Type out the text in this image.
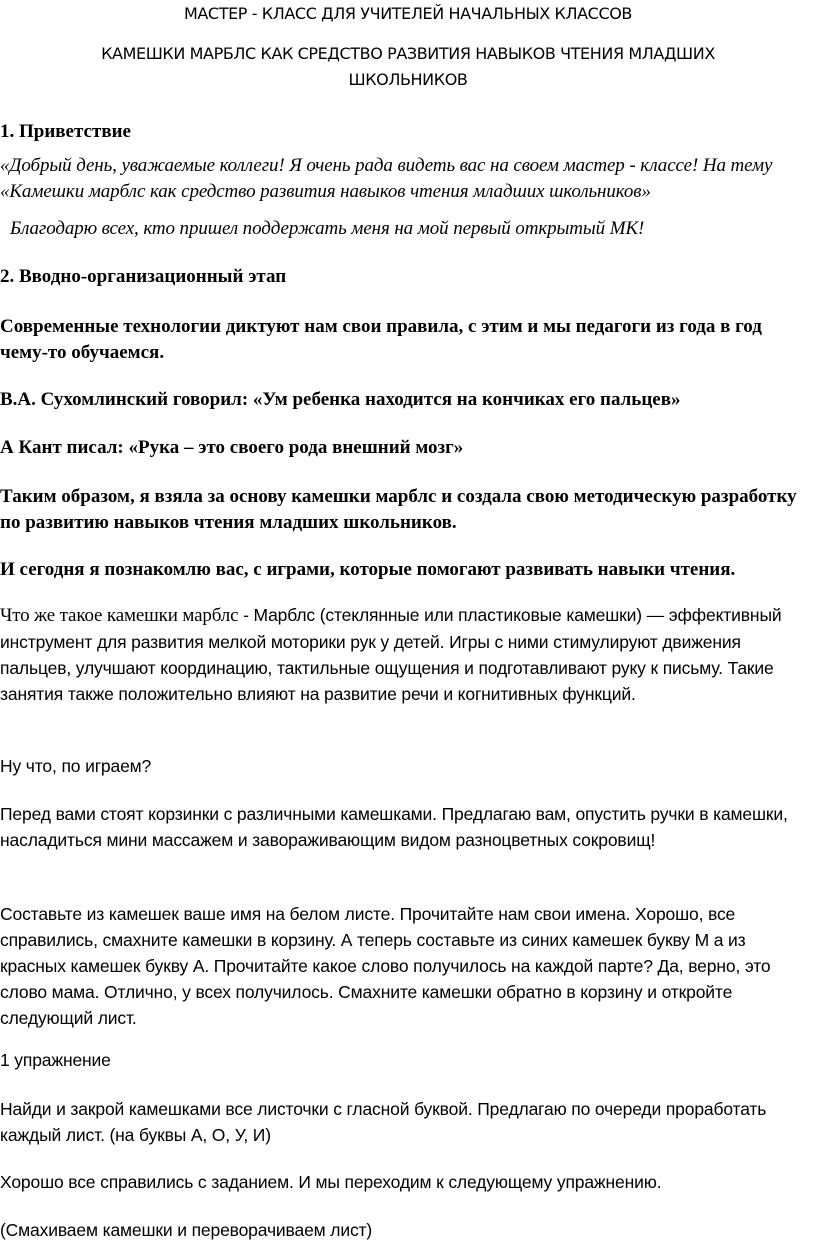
МАСТЕР - КЛАСС ДЛЯ УЧИТЕЛЕЙ НАЧАЛЬНЫХ КЛАССОВ
КАМЕШКИ МАРБЛС КАК СРЕДСТВО РАЗВИТИЯ НАВЫКОВ ЧТЕНИЯ МЛАДШИХ ШКОЛЬНИКОВ
1. Приветствие
«Добрый день, уважаемые коллеги! Я очень рада видеть вас на своем мастер - классе! На тему «Камешки марблс как средство развития навыков чтения младших школьников»
Благодарю всех, кто пришел поддержать меня на мой первый открытый МК!
2. Вводно-организационный этап
Современные технологии диктуют нам свои правила, с этим и мы педагоги из года в год чему-то обучаемся.
В.А. Сухомлинский говорил: «Ум ребенка находится на кончиках его пальцев»
А Кант писал: «Рука – это своего рода внешний мозг»
Таким образом, я взяла за основу камешки марблс и создала свою методическую разработку по развитию навыков чтения младших школьников.
И сегодня я познакомлю вас, с играми, которые помогают развивать навыки чтения.
Что же такое камешки марблс - Марблс (стеклянные или пластиковые камешки) — эффективный инструмент для развития мелкой моторики рук у детей. Игры с ними стимулируют движения пальцев, улучшают координацию, тактильные ощущения и подготавливают руку к письму. Такие занятия также положительно влияют на развитие речи и когнитивных функций.
Ну что, по играем?
Перед вами стоят корзинки с различными камешками. Предлагаю вам, опустить ручки в камешки, насладиться мини массажем и завораживающим видом разноцветных сокровищ!
Составьте из камешек ваше имя на белом листе. Прочитайте нам свои имена. Хорошо, все справились, смахните камешки в корзину. А теперь составьте из синих камешек букву М а из красных камешек букву А. Прочитайте какое слово получилось на каждой парте? Да, верно, это слово мама. Отлично, у всех получилось. Смахните камешки обратно в корзину и откройте следующий лист.
1 упражнение
Найди и закрой камешками все листочки с гласной буквой. Предлагаю по очереди проработать каждый лист. (на буквы А, О, У, И)
Хорошо все справились с заданием. И мы переходим к следующему упражнению.
(Смахиваем камешки и переворачиваем лист)
